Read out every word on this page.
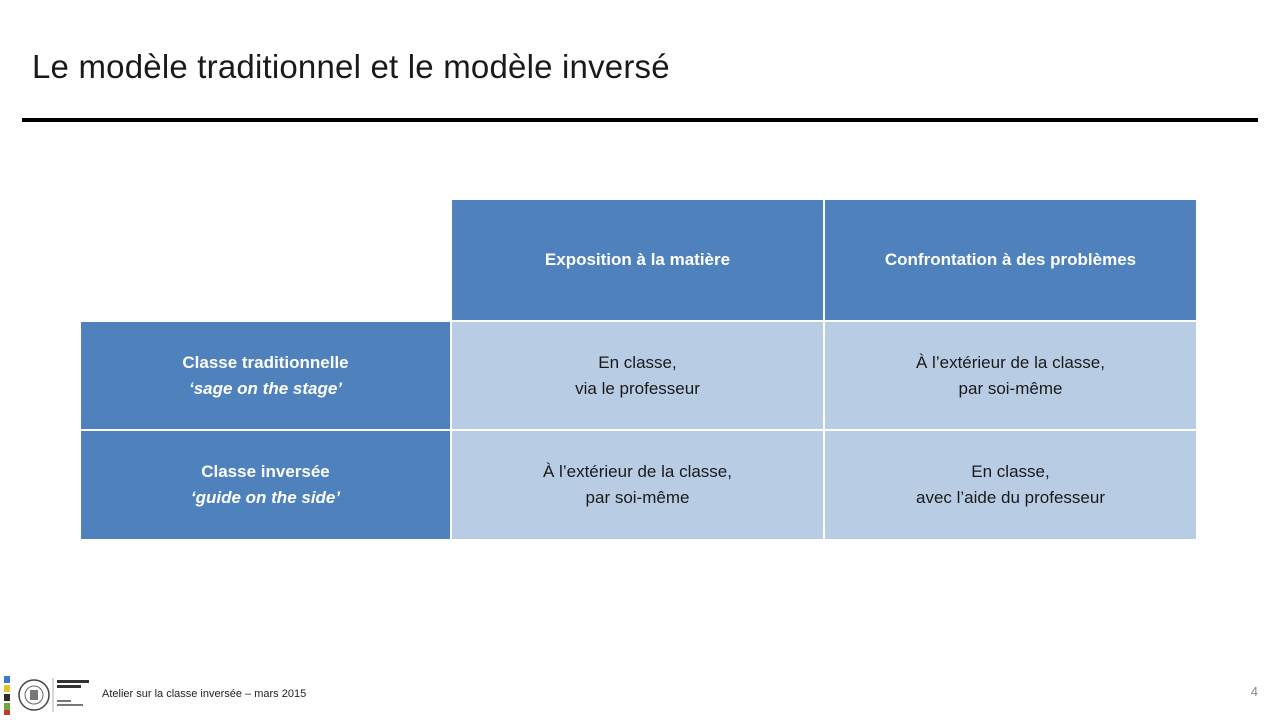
Le modèle traditionnel et le modèle inversé
Exposition à la matière	Confrontation à des problèmes
Classe traditionnelle
‘sage on the stage’
En classe,
via le professeur
À l’extérieur de la classe,
par soi-même
Classe inversée
‘guide on the side’
À l’extérieur de la classe,
par soi-même
En classe,
avec l’aide du professeur
Atelier sur la classe inversée – mars 2015	4
